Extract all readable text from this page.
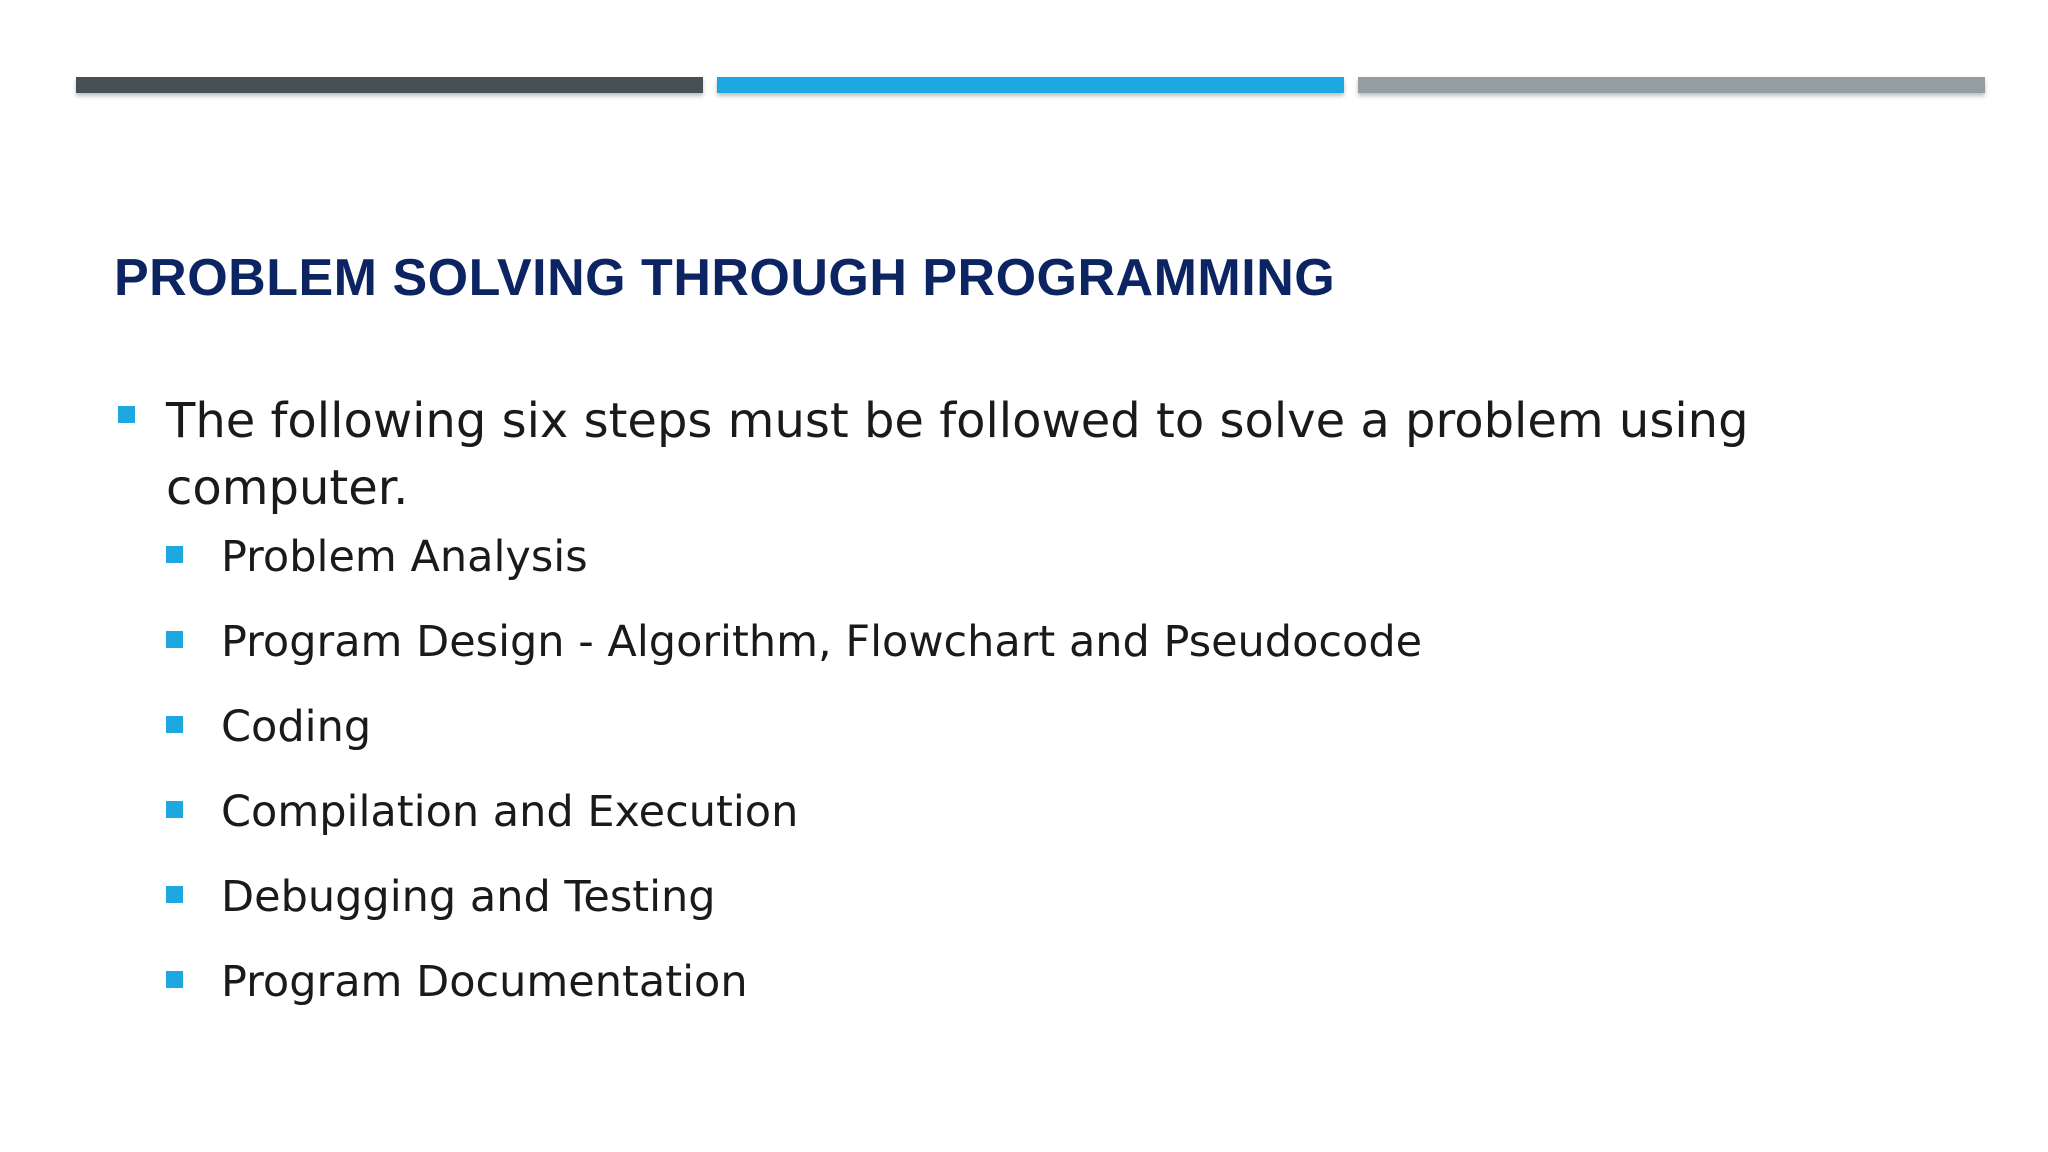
PROBLEM SOLVING THROUGH PROGRAMMING
The following six steps must be followed to solve a problem using computer.
Problem Analysis
Program Design - Algorithm, Flowchart and Pseudocode
Coding
Compilation and Execution
Debugging and Testing
Program Documentation
